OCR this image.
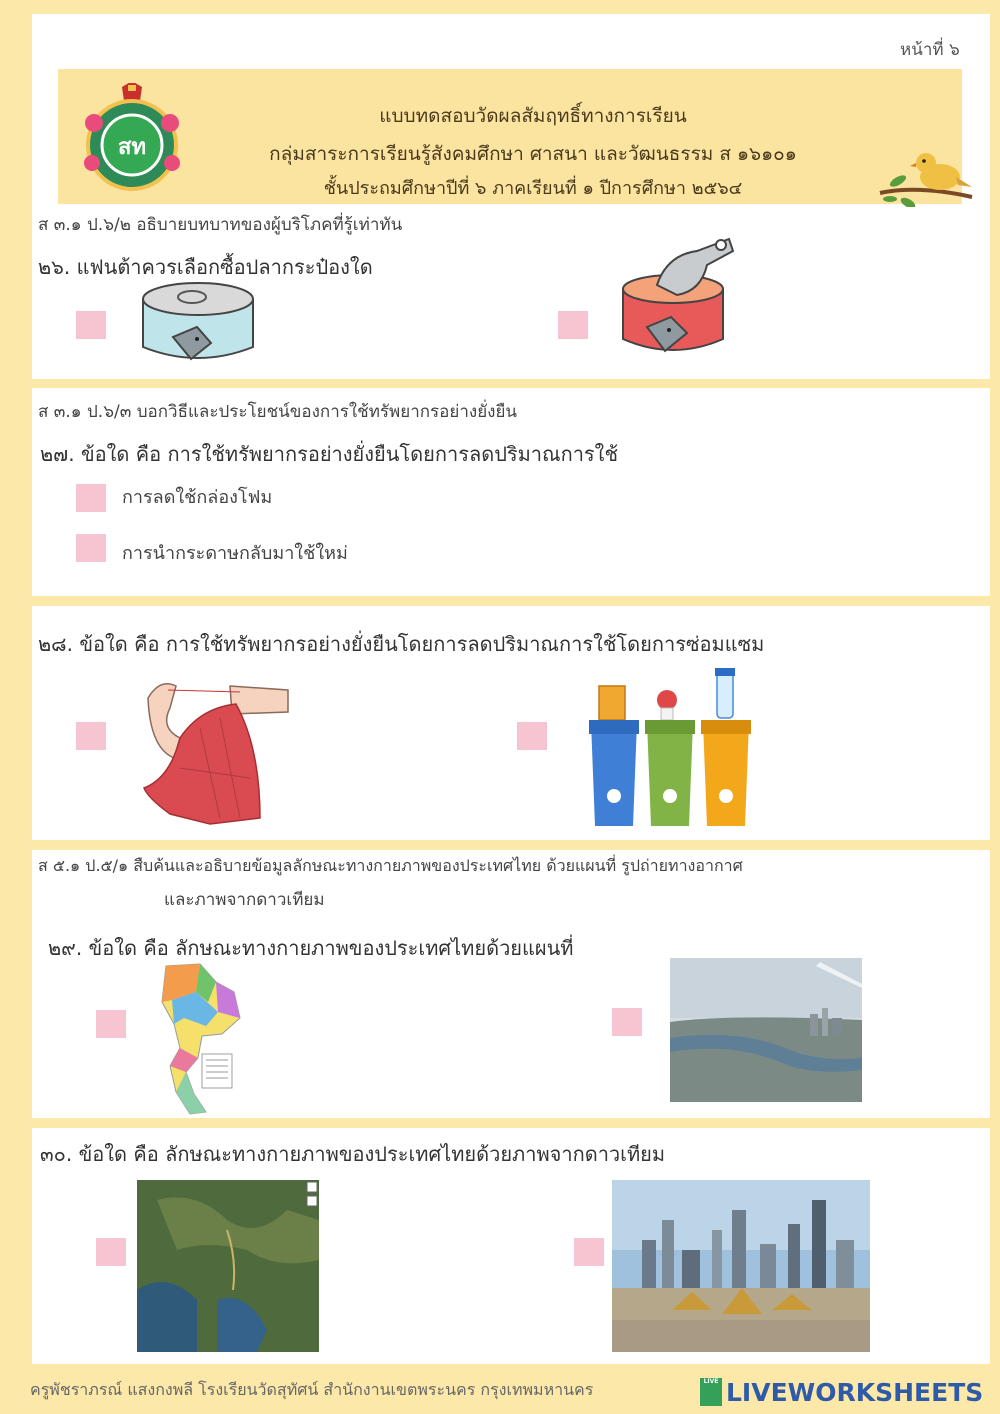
หน้าที่ ๖
สท
แบบทดสอบวัดผลสัมฤทธิ์ทางการเรียน
กลุ่มสาระการเรียนรู้สังคมศึกษา ศาสนา และวัฒนธรรม ส ๑๖๑๐๑
ชั้นประถมศึกษาปีที่ ๖ ภาคเรียนที่ ๑ ปีการศึกษา ๒๕๖๔
ส ๓.๑ ป.๖/๒ อธิบายบทบาทของผู้บริโภคที่รู้เท่าทัน
๒๖. แฟนต้าควรเลือกซื้อปลากระป๋องใด
ส ๓.๑ ป.๖/๓ บอกวิธีและประโยชน์ของการใช้ทรัพยากรอย่างยั่งยืน
๒๗. ข้อใด คือ การใช้ทรัพยากรอย่างยั่งยืนโดยการลดปริมาณการใช้
การลดใช้กล่องโฟม
การนำกระดาษกลับมาใช้ใหม่
๒๘. ข้อใด คือ การใช้ทรัพยากรอย่างยั่งยืนโดยการลดปริมาณการใช้โดยการซ่อมแซม
ส ๕.๑ ป.๕/๑ สืบค้นและอธิบายข้อมูลลักษณะทางกายภาพของประเทศไทย ด้วยแผนที่ รูปถ่ายทางอากาศ
และภาพจากดาวเทียม
๒๙. ข้อใด คือ ลักษณะทางกายภาพของประเทศไทยด้วยแผนที่
๓๐. ข้อใด คือ ลักษณะทางกายภาพของประเทศไทยด้วยภาพจากดาวเทียม
ครูพัชราภรณ์ แสงกงพลี โรงเรียนวัดสุทัศน์ สำนักงานเขตพระนคร กรุงเทพมหานคร	LIVE LIVEWORKSHEETS
